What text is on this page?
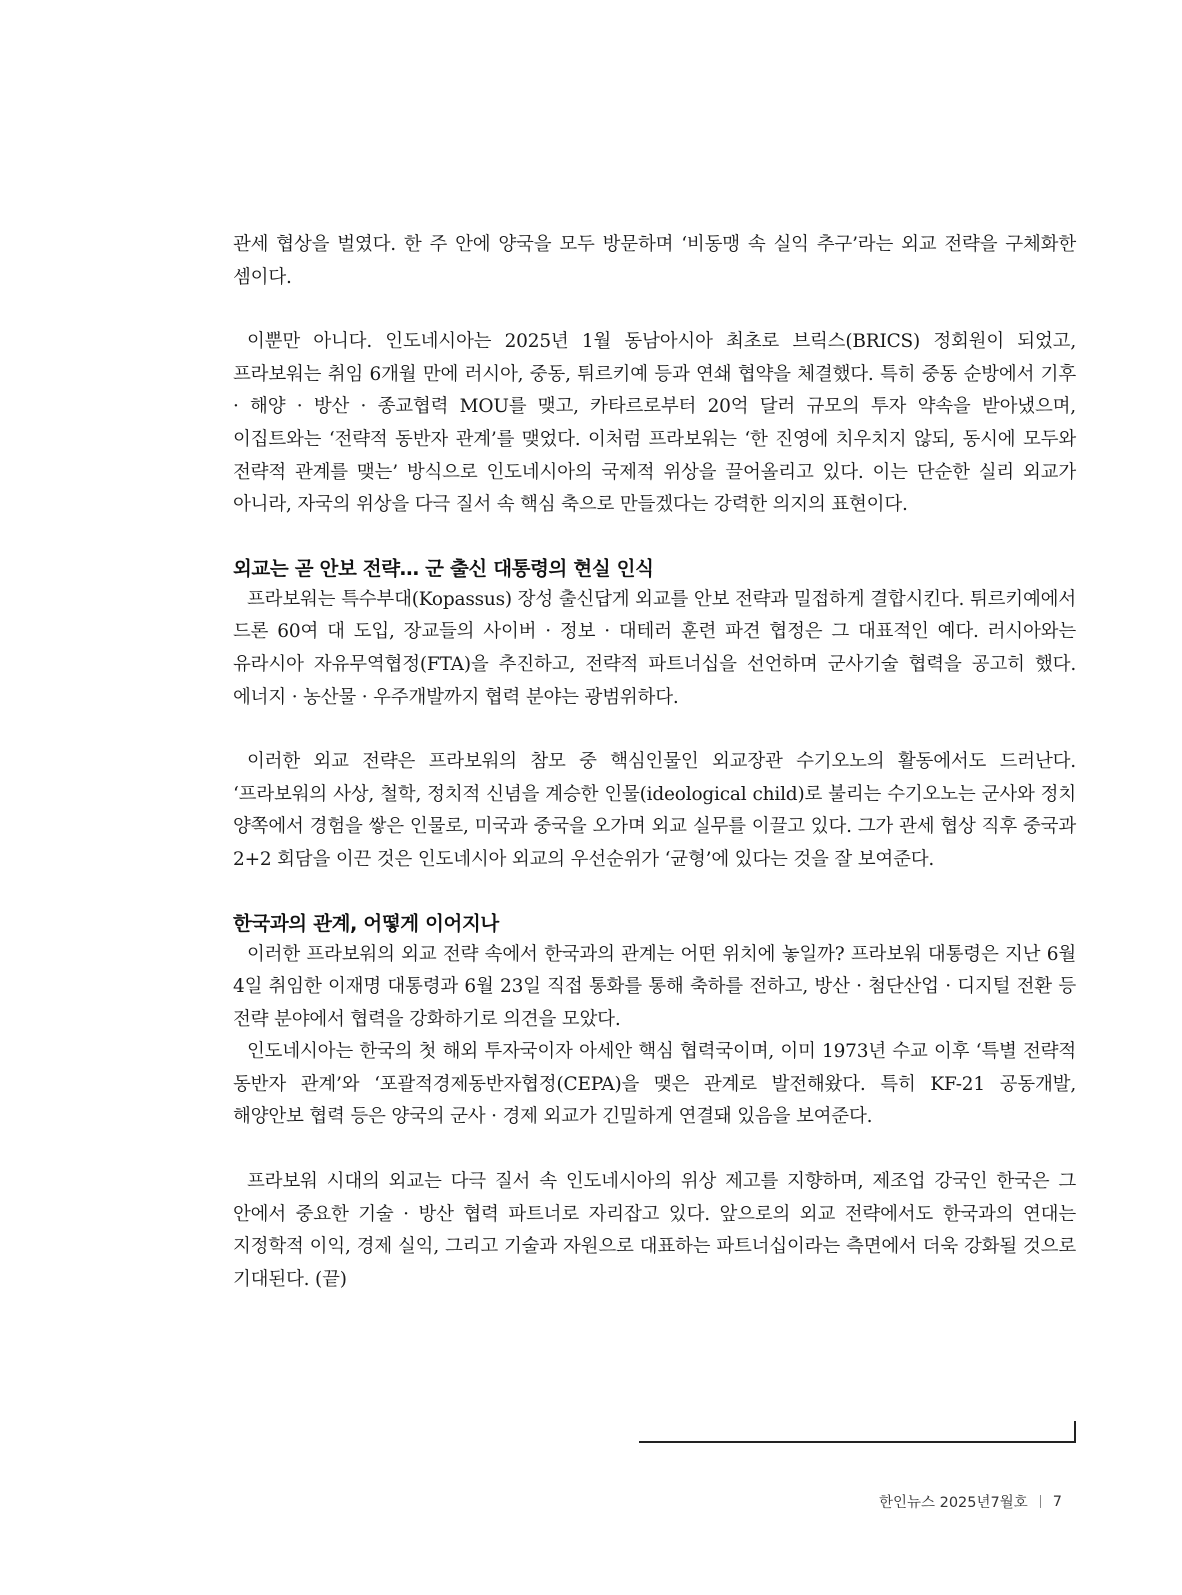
관세 협상을 벌였다. 한 주 안에 양국을 모두 방문하며 ‘비동맹 속 실익 추구’라는 외교 전략을 구체화한 셈이다.

이뿐만 아니다. 인도네시아는 2025년 1월 동남아시아 최초로 브릭스(BRICS) 정회원이 되었고, 프라보워는 취임 6개월 만에 러시아, 중동, 튀르키예 등과 연쇄 협약을 체결했다. 특히 중동 순방에서 기후 · 해양 · 방산 · 종교협력 MOU를 맺고, 카타르로부터 20억 달러 규모의 투자 약속을 받아냈으며, 이집트와는 ‘전략적 동반자 관계’를 맺었다. 이처럼 프라보워는 ‘한 진영에 치우치지 않되, 동시에 모두와 전략적 관계를 맺는’ 방식으로 인도네시아의 국제적 위상을 끌어올리고 있다. 이는 단순한 실리 외교가 아니라, 자국의 위상을 다극 질서 속 핵심 축으로 만들겠다는 강력한 의지의 표현이다.

외교는 곧 안보 전략… 군 출신 대통령의 현실 인식

프라보워는 특수부대(Kopassus) 장성 출신답게 외교를 안보 전략과 밀접하게 결합시킨다. 튀르키예에서 드론 60여 대 도입, 장교들의 사이버 · 정보 · 대테러 훈련 파견 협정은 그 대표적인 예다. 러시아와는 유라시아 자유무역협정(FTA)을 추진하고, 전략적 파트너십을 선언하며 군사기술 협력을 공고히 했다. 에너지 · 농산물 · 우주개발까지 협력 분야는 광범위하다.

이러한 외교 전략은 프라보워의 참모 중 핵심인물인 외교장관 수기오노의 활동에서도 드러난다. ‘프라보워의 사상, 철학, 정치적 신념을 계승한 인물(ideological child)로 불리는 수기오노는 군사와 정치 양쪽에서 경험을 쌓은 인물로, 미국과 중국을 오가며 외교 실무를 이끌고 있다. 그가 관세 협상 직후 중국과 2+2 회담을 이끈 것은 인도네시아 외교의 우선순위가 ‘균형’에 있다는 것을 잘 보여준다.

한국과의 관계, 어떻게 이어지나

이러한 프라보워의 외교 전략 속에서 한국과의 관계는 어떤 위치에 놓일까? 프라보워 대통령은 지난 6월 4일 취임한 이재명 대통령과 6월 23일 직접 통화를 통해 축하를 전하고, 방산 · 첨단산업 · 디지털 전환 등 전략 분야에서 협력을 강화하기로 의견을 모았다.

인도네시아는 한국의 첫 해외 투자국이자 아세안 핵심 협력국이며, 이미 1973년 수교 이후 ‘특별 전략적 동반자 관계’와 ‘포괄적경제동반자협정(CEPA)을 맺은 관계로 발전해왔다. 특히 KF-21 공동개발, 해양안보 협력 등은 양국의 군사 · 경제 외교가 긴밀하게 연결돼 있음을 보여준다.

프라보워 시대의 외교는 다극 질서 속 인도네시아의 위상 제고를 지향하며, 제조업 강국인 한국은 그 안에서 중요한 기술 · 방산 협력 파트너로 자리잡고 있다. 앞으로의 외교 전략에서도 한국과의 연대는 지정학적 이익, 경제 실익, 그리고 기술과 자원으로 대표하는 파트너십이라는 측면에서 더욱 강화될 것으로 기대된다. (끝)

한인뉴스 2025년7월호 7
